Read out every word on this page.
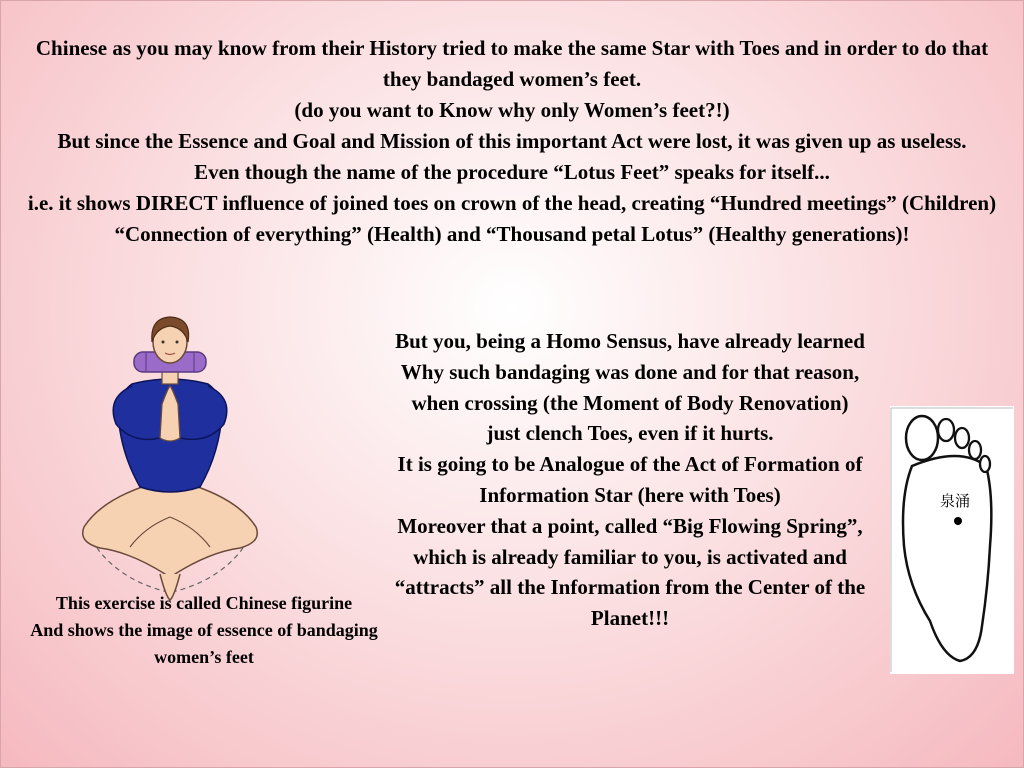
Chinese as you may know from their History tried to make the same Star with Toes and in order to do that they bandaged women’s feet.

(do you want to Know why only Women’s feet?!)

But since the Essence and Goal and Mission of this important Act were lost, it was given up as useless.

Even though the name of the procedure “Lotus Feet” speaks for itself...

i.e. it shows DIRECT influence of joined toes on crown of the head, creating “Hundred meetings” (Children) “Connection of everything” (Health) and “Thousand petal Lotus” (Healthy generations)!

This exercise is called Chinese figurine

And shows the image of essence of bandaging women’s feet

But you, being a Homo Sensus, have already learned Why such bandaging was done and for that reason, when crossing (the Moment of Body Renovation) just clench Toes, even if it hurts.

It is going to be Analogue of the Act of Formation of Information Star (here with Toes)

Moreover that a point, called “Big Flowing Spring”, which is already familiar to you, is activated and “attracts” all the Information from the Center of the Planet!!!

泉涌
